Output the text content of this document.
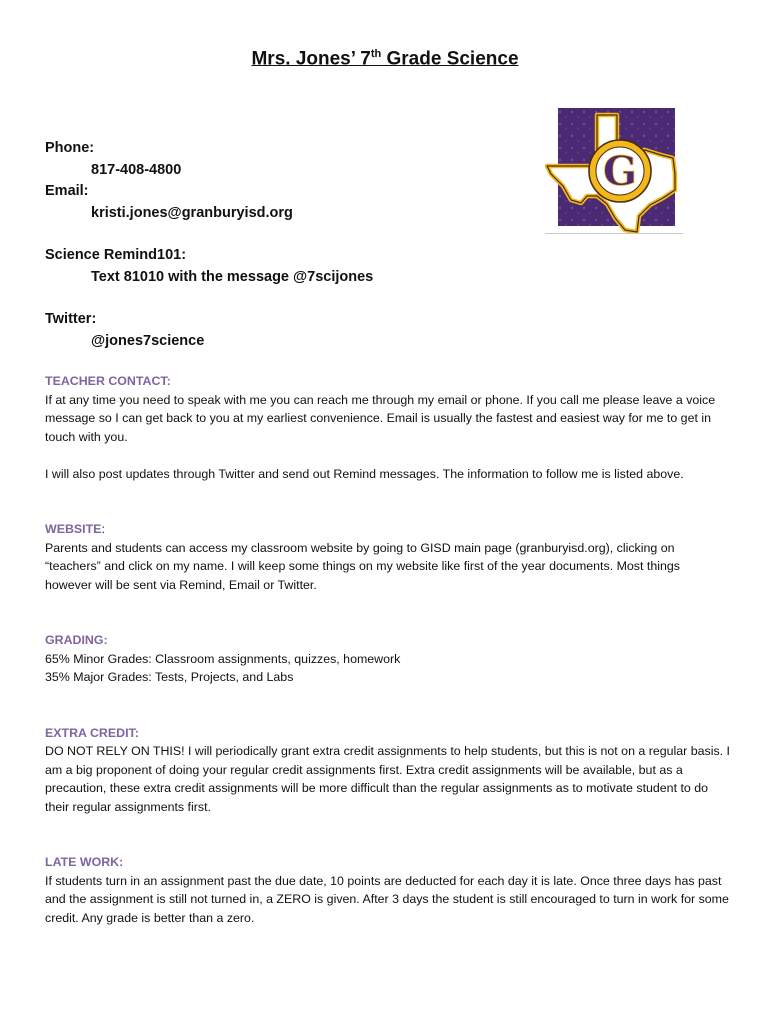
Mrs. Jones’ 7th Grade Science
Phone:
817-408-4800
Email:
kristi.jones@granburyisd.org
Science Remind101:
Text 81010 with the message @7scijones
Twitter:
@jones7science
G
TEACHER CONTACT:

If at any time you need to speak with me you can reach me through my email or phone. If you call me please leave a voice message so I can get back to you at my earliest convenience. Email is usually the fastest and easiest way for me to get in touch with you.

I will also post updates through Twitter and send out Remind messages. The information to follow me is listed above.

WEBSITE:

Parents and students can access my classroom website by going to GISD main page (granburyisd.org), clicking on “teachers” and click on my name. I will keep some things on my website like first of the year documents. Most things however will be sent via Remind, Email or Twitter.

GRADING:

65% Minor Grades: Classroom assignments, quizzes, homework

35% Major Grades: Tests, Projects, and Labs

EXTRA CREDIT:

DO NOT RELY ON THIS! I will periodically grant extra credit assignments to help students, but this is not on a regular basis. I am a big proponent of doing your regular credit assignments first. Extra credit assignments will be available, but as a precaution, these extra credit assignments will be more difficult than the regular assignments as to motivate student to do their regular assignments first.

LATE WORK:

If students turn in an assignment past the due date, 10 points are deducted for each day it is late. Once three days has past and the assignment is still not turned in, a ZERO is given. After 3 days the student is still encouraged to turn in work for some credit. Any grade is better than a zero.
